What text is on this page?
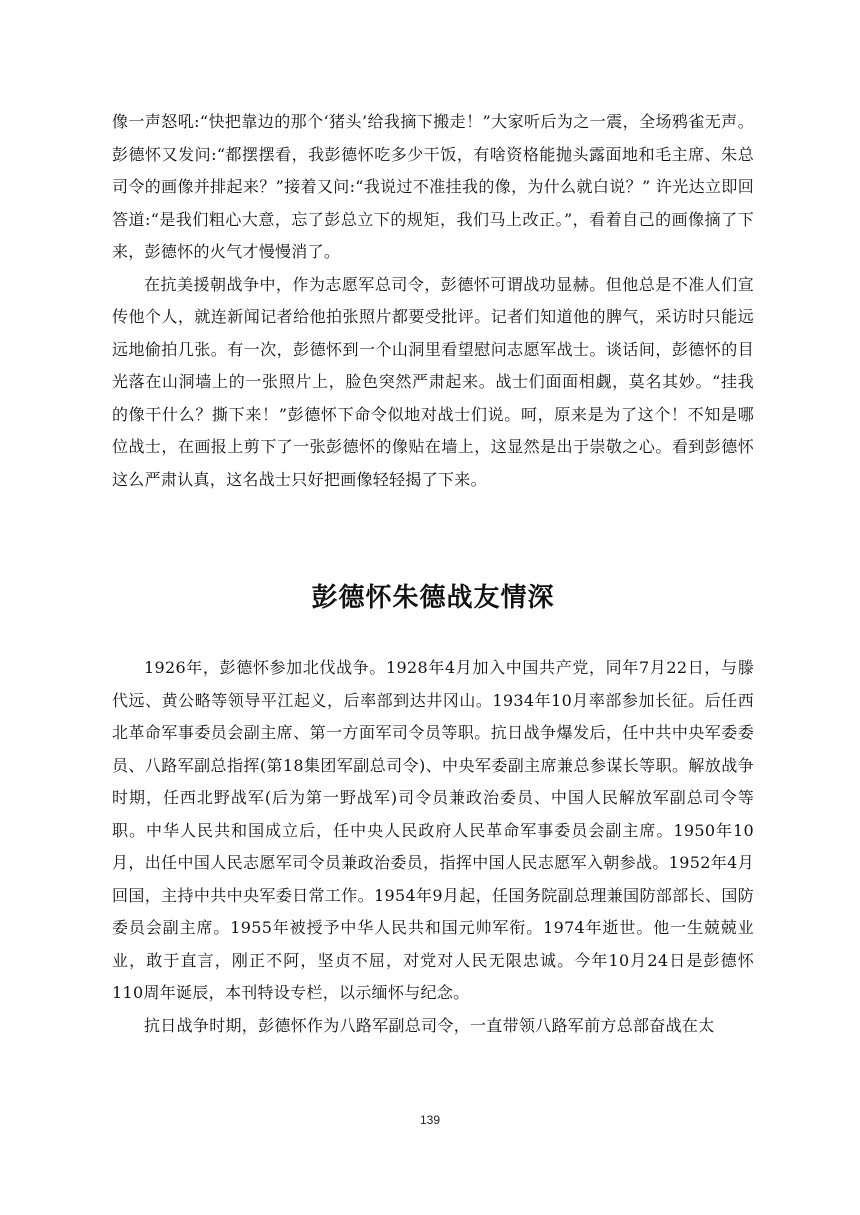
像一声怒吼:“快把靠边的那个‘猪头’给我摘下搬走！”大家听后为之一震，全场鸦雀无声。彭德怀又发问:“都摆摆看，我彭德怀吃多少干饭，有啥资格能抛头露面地和毛主席、朱总司令的画像并排起来？”接着又问:“我说过不准挂我的像，为什么就白说？” 许光达立即回答道:“是我们粗心大意，忘了彭总立下的规矩，我们马上改正。”，看着自己的画像摘了下来，彭德怀的火气才慢慢消了。

在抗美援朝战争中，作为志愿军总司令，彭德怀可谓战功显赫。但他总是不准人们宣传他个人，就连新闻记者给他拍张照片都要受批评。记者们知道他的脾气，采访时只能远远地偷拍几张。有一次，彭德怀到一个山洞里看望慰问志愿军战士。谈话间，彭德怀的目光落在山洞墙上的一张照片上，脸色突然严肃起来。战士们面面相觑，莫名其妙。“挂我的像干什么？撕下来！”彭德怀下命令似地对战士们说。呵，原来是为了这个！不知是哪位战士，在画报上剪下了一张彭德怀的像贴在墙上，这显然是出于崇敬之心。看到彭德怀这么严肃认真，这名战士只好把画像轻轻揭了下来。

彭德怀朱德战友情深

1926年，彭德怀参加北伐战争。1928年4月加入中国共产党，同年7月22日，与滕代远、黄公略等领导平江起义，后率部到达井冈山。1934年10月率部参加长征。后任西北革命军事委员会副主席、第一方面军司令员等职。抗日战争爆发后，任中共中央军委委员、八路军副总指挥(第18集团军副总司令)、中央军委副主席兼总参谋长等职。解放战争时期，任西北野战军(后为第一野战军)司令员兼政治委员、中国人民解放军副总司令等职。中华人民共和国成立后，任中央人民政府人民革命军事委员会副主席。1950年10月，出任中国人民志愿军司令员兼政治委员，指挥中国人民志愿军入朝参战。1952年4月回国，主持中共中央军委日常工作。1954年9月起，任国务院副总理兼国防部部长、国防委员会副主席。1955年被授予中华人民共和国元帅军衔。1974年逝世。他一生兢兢业业，敢于直言，刚正不阿，坚贞不屈，对党对人民无限忠诚。今年10月24日是彭德怀110周年诞辰，本刊特设专栏，以示缅怀与纪念。

抗日战争时期，彭德怀作为八路军副总司令，一直带领八路军前方总部奋战在太

139
